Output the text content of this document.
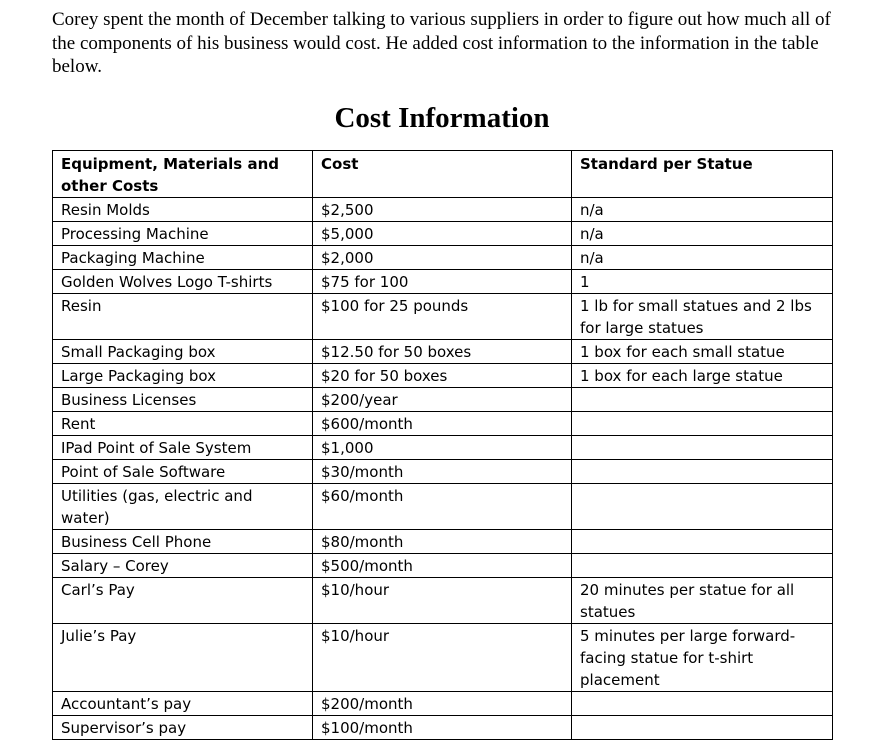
Corey spent the month of December talking to various suppliers in order to figure out how much all of the components of his business would cost. He added cost information to the information in the table below.

Cost Information
Equipment, Materials and other Costs	Cost	Standard per Statue
Resin Molds	$2,500	n/a
Processing Machine	$5,000	n/a
Packaging Machine	$2,000	n/a
Golden Wolves Logo T-shirts	$75 for 100	1
Resin	$100 for 25 pounds	1 lb for small statues and 2 lbs for large statues
Small Packaging box	$12.50 for 50 boxes	1 box for each small statue
Large Packaging box	$20 for 50 boxes	1 box for each large statue
Business Licenses	$200/year	
Rent	$600/month	
IPad Point of Sale System	$1,000	
Point of Sale Software	$30/month	
Utilities (gas, electric and water)	$60/month	
Business Cell Phone	$80/month	
Salary – Corey	$500/month	
Carl’s Pay	$10/hour	20 minutes per statue for all statues
Julie’s Pay	$10/hour	5 minutes per large forward-facing statue for t-shirt placement
Accountant’s pay	$200/month	
Supervisor’s pay	$100/month	
